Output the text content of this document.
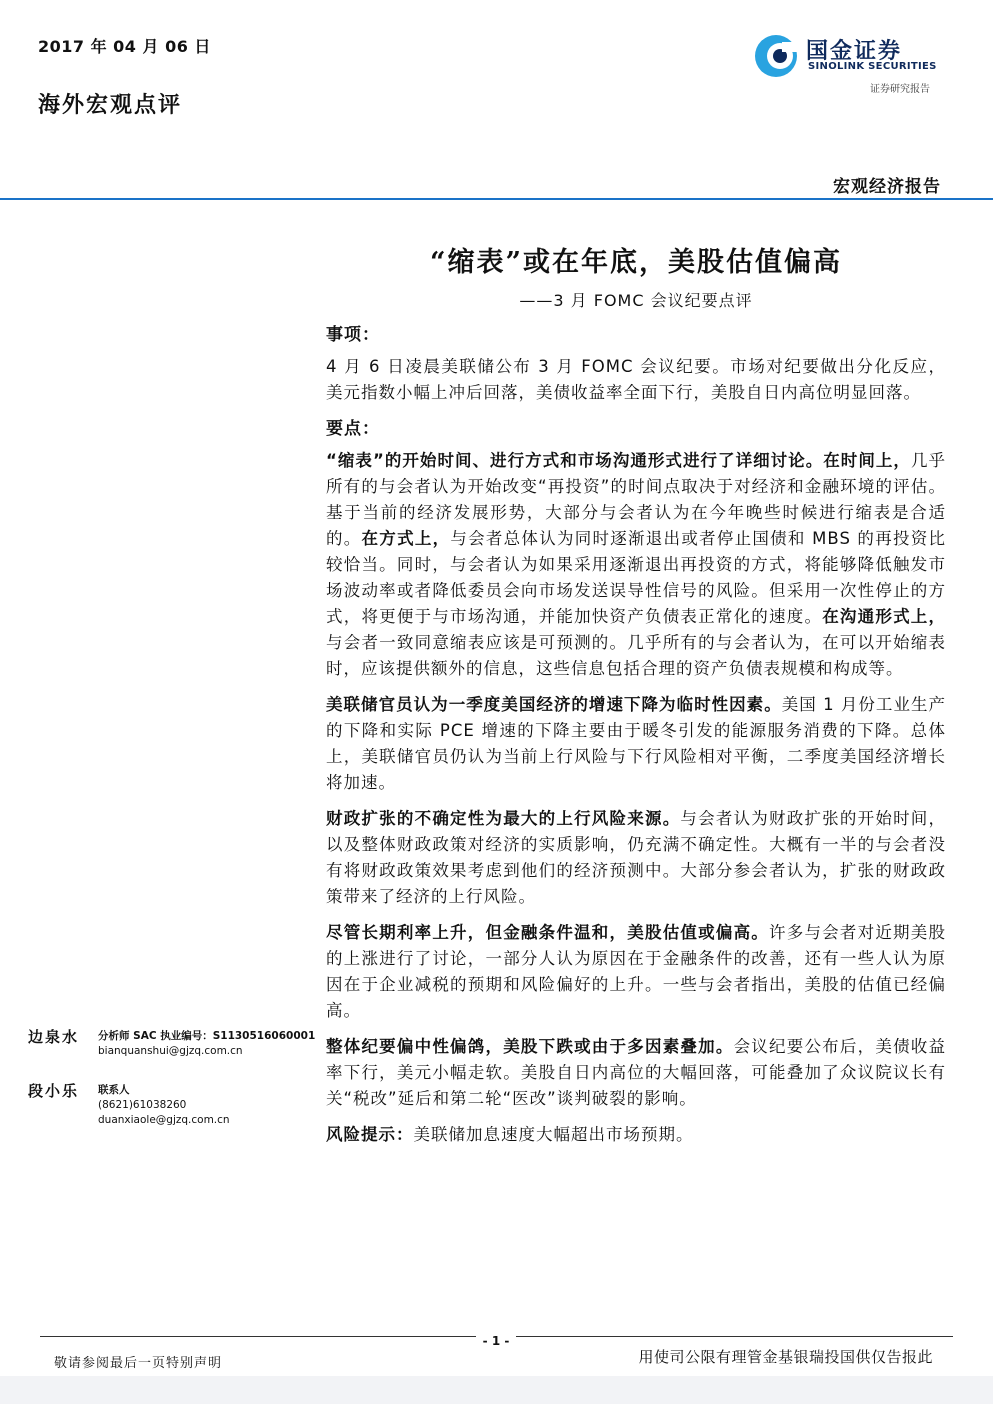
2017 年 04 月 06 日
海外宏观点评
国金证券
SINOLINK SECURITIES
证券研究报告
宏观经济报告
“缩表”或在年底，美股估值偏高
——3 月 FOMC 会议纪要点评
事项：

4 月 6 日凌晨美联储公布 3 月 FOMC 会议纪要。市场对纪要做出分化反应，美元指数小幅上冲后回落，美债收益率全面下行，美股自日内高位明显回落。

要点：

“缩表”的开始时间、进行方式和市场沟通形式进行了详细讨论。在时间上，几乎所有的与会者认为开始改变“再投资”的时间点取决于对经济和金融环境的评估。基于当前的经济发展形势，大部分与会者认为在今年晚些时候进行缩表是合适的。在方式上，与会者总体认为同时逐渐退出或者停止国债和 MBS 的再投资比较恰当。同时，与会者认为如果采用逐渐退出再投资的方式，将能够降低触发市场波动率或者降低委员会向市场发送误导性信号的风险。但采用一次性停止的方式，将更便于与市场沟通，并能加快资产负债表正常化的速度。在沟通形式上，与会者一致同意缩表应该是可预测的。几乎所有的与会者认为，在可以开始缩表时，应该提供额外的信息，这些信息包括合理的资产负债表规模和构成等。

美联储官员认为一季度美国经济的增速下降为临时性因素。美国 1 月份工业生产的下降和实际 PCE 增速的下降主要由于暖冬引发的能源服务消费的下降。总体上，美联储官员仍认为当前上行风险与下行风险相对平衡，二季度美国经济增长将加速。

财政扩张的不确定性为最大的上行风险来源。与会者认为财政扩张的开始时间，以及整体财政政策对经济的实质影响，仍充满不确定性。大概有一半的与会者没有将财政政策效果考虑到他们的经济预测中。大部分参会者认为，扩张的财政政策带来了经济的上行风险。

尽管长期利率上升，但金融条件温和，美股估值或偏高。许多与会者对近期美股的上涨进行了讨论，一部分人认为原因在于金融条件的改善，还有一些人认为原因在于企业减税的预期和风险偏好的上升。一些与会者指出，美股的估值已经偏高。

整体纪要偏中性偏鸽，美股下跌或由于多因素叠加。会议纪要公布后，美债收益率下行，美元小幅走软。美股自日内高位的大幅回落，可能叠加了众议院议长有关“税改”延后和第二轮“医改”谈判破裂的影响。

风险提示：美联储加息速度大幅超出市场预期。

边泉水 分析师 SAC 执业编号：S1130516060001
bianquanshui@gjzq.com.cn
段小乐 联系人
(8621)61038260
duanxiaole@gjzq.com.cn
- 1 -
敬请参阅最后一页特别声明	用使司公限有理管金基银瑞投国供仅告报此
